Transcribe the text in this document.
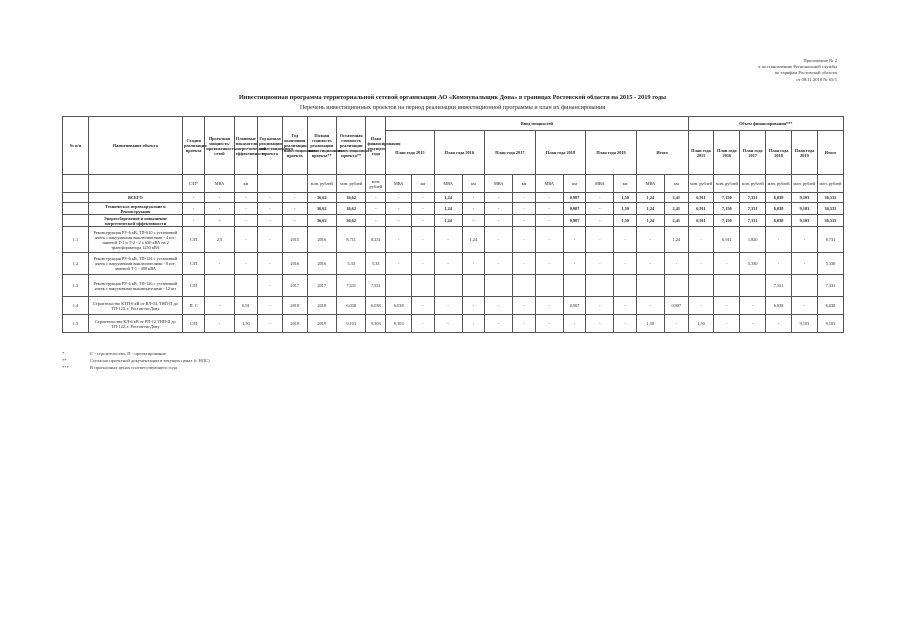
Приложение № 2
к постановлению Региональной службы
по тарифам Ростовской области
от 08.11.2018 № 65/1
Инвестиционная программа территориальной сетевой организации АО «Коммунальщик Дона» в границах Ростовской области на 2015 - 2019 годы
Перечень инвестиционных проектов на период реализации инвестиционной программы и план их финансирования
№ п/п	Наименование объекта	Стадия реализации проекта	Проектная мощность/ протяженность сетей	Плановые показатели энергетической эффективности	Год начала реализации инвестиционного проекта	Год окончания реализации инвестиционного проекта	Полная стоимость реализации инвестиционного проекта**	Остаточная стоимость реализации инвестиционного проекта**	План финансирования текущего года	Ввод мощностей												Объем финансирования***					
										План года 2015		План года 2016		План года 2017		План года 2018		План года 2019		Итого		План года 2015	План года 2016	План года 2017	План года 2018	План года 2019	Итого

		С/П*	МВА	км			млн. рублей	млн. рублей	млн. рублей	МВА	км	МВА	км	МВА	км	МВА	км	МВА	км	МВА	км	млн. рублей	млн. рублей	млн. рублей	млн. рублей	млн. рублей	млн. рублей
	ВСЕГО	-	-	-	-	-	36,62	36,62	-	-	-	1,24	-	-	-	-	0,907	-	1,50	1,24	2,41	6,911	7,150	7,331	6,038	9,103	36,533
	Техническое перевооружение и Реконструкция	-	-	-	-	-	36,62	36,62	-	-	-	1,24	-	-	-	-	0,907	-	1,50	1,24	2,41	6,911	7,150	7,331	6,038	9,103	36,533
	Энергосбережение и повышение энергетической эффективности	-	-	-	-	-	36,62	36,62	-	-	-	1,24	-	-	-	-	0,907	-	1,50	1,24	2,41	6,911	7,150	7,331	6,038	9,103	36,533
1.1	Реконструкция РУ-6 кВ, ТП-610 с установкой ячеек с вакуумными выключателями - 4 шт; заменой Т-1 и Т-2 - 2 х 630 кВА на 2 трансформатора 1250 кВА	С/П	2,5	-	-	2015	2016	8,711	8,231	-	-	-	1,24	-	-	-	-	-	-	-	1,24	-	6,911	1,820	-	-	8,731
1.2	Реконструкция РУ-6 кВ, ТП-124 с установкой ячеек с вакуумными выключателями - 8 шт; заменой Т-1 - 400 кВА	С/П	-	-	-	2016	2016	5,33	5,33	-	-	-	-	-	-	-	-	-	-	-	-	-	-	5,330	-	-	5,330
1.3	Реконструкция РУ-6 кВ, ТП-126 с установкой ячеек с вакуумными выключателями - 12 шт	С/П			-	2017	2017	7,331	7,331																7,331		7,331
1.4	Строительство КТП-6 кВ от ВЛ-04, ТНП-П до ТП-123, г. Ростов-на-Дону	П, С	-	0,91	-	2018	2018	6,038	6,038	6,038	-	-	-	-	-	-	0,907	-	-	-	0,907	-	-	-	6,038	-	6,038
1.5	Строительство КЛ-6 кВ от РП-12 ТНП-II до ТП-122, г. Ростов-на-Дону	С/П	-	1,50	-	2019	2019	9,103	9,103	9,103	-	-	-	-	-	-	-	-	-	1,50	-	1,50	-	-	-	9,103	9,103
*	С - строительство, П - проектирование
**	Согласно проектной документации в текущих ценах (с НДС)
***	В прогнозных ценах соответствующего года
